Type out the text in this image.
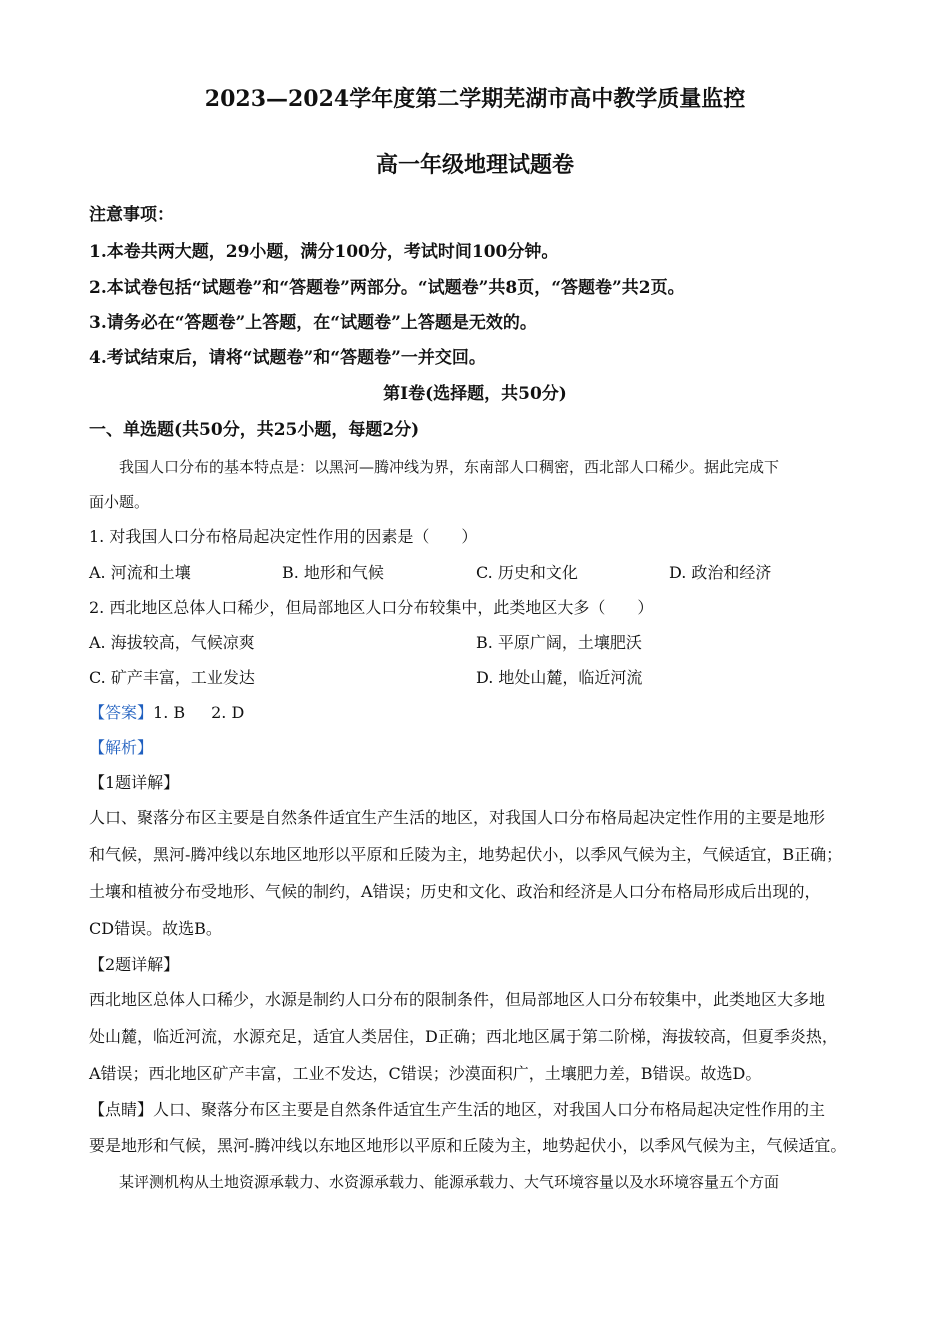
2023—2024学年度第二学期芜湖市高中教学质量监控
高一年级地理试题卷
注意事项：
1.本卷共两大题，29小题，满分100分，考试时间100分钟。
2.本试卷包括“试题卷”和“答题卷”两部分。“试题卷”共8页，“答题卷”共2页。
3.请务必在“答题卷”上答题，在“试题卷”上答题是无效的。
4.考试结束后，请将“试题卷”和“答题卷”一并交回。
第Ⅰ卷(选择题，共50分)
一、单选题(共50分，共25小题，每题2分)
我国人口分布的基本特点是：以黑河—腾冲线为界，东南部人口稠密，西北部人口稀少。据此完成下
面小题。
1. 对我国人口分布格局起决定性作用的因素是（　　）
A. 河流和土壤	B. 地形和气候	C. 历史和文化	D. 政治和经济
2. 西北地区总体人口稀少，但局部地区人口分布较集中，此类地区大多（　　）
A. 海拔较高，气候凉爽	B. 平原广阔，土壤肥沃
C. 矿产丰富，工业发达	D. 地处山麓，临近河流
【答案】1. B 2. D
【解析】
【1题详解】
人口、聚落分布区主要是自然条件适宜生产生活的地区，对我国人口分布格局起决定性作用的主要是地形
和气候，黑河-腾冲线以东地区地形以平原和丘陵为主，地势起伏小，以季风气候为主，气候适宜，B正确；
土壤和植被分布受地形、气候的制约，A错误；历史和文化、政治和经济是人口分布格局形成后出现的，
CD错误。故选B。
【2题详解】
西北地区总体人口稀少，水源是制约人口分布的限制条件，但局部地区人口分布较集中，此类地区大多地
处山麓，临近河流，水源充足，适宜人类居住，D正确；西北地区属于第二阶梯，海拔较高，但夏季炎热，
A错误；西北地区矿产丰富，工业不发达，C错误；沙漠面积广，土壤肥力差，B错误。故选D。
【点睛】人口、聚落分布区主要是自然条件适宜生产生活的地区，对我国人口分布格局起决定性作用的主
要是地形和气候，黑河-腾冲线以东地区地形以平原和丘陵为主，地势起伏小，以季风气候为主，气候适宜。
某评测机构从土地资源承载力、水资源承载力、能源承载力、大气环境容量以及水环境容量五个方面
